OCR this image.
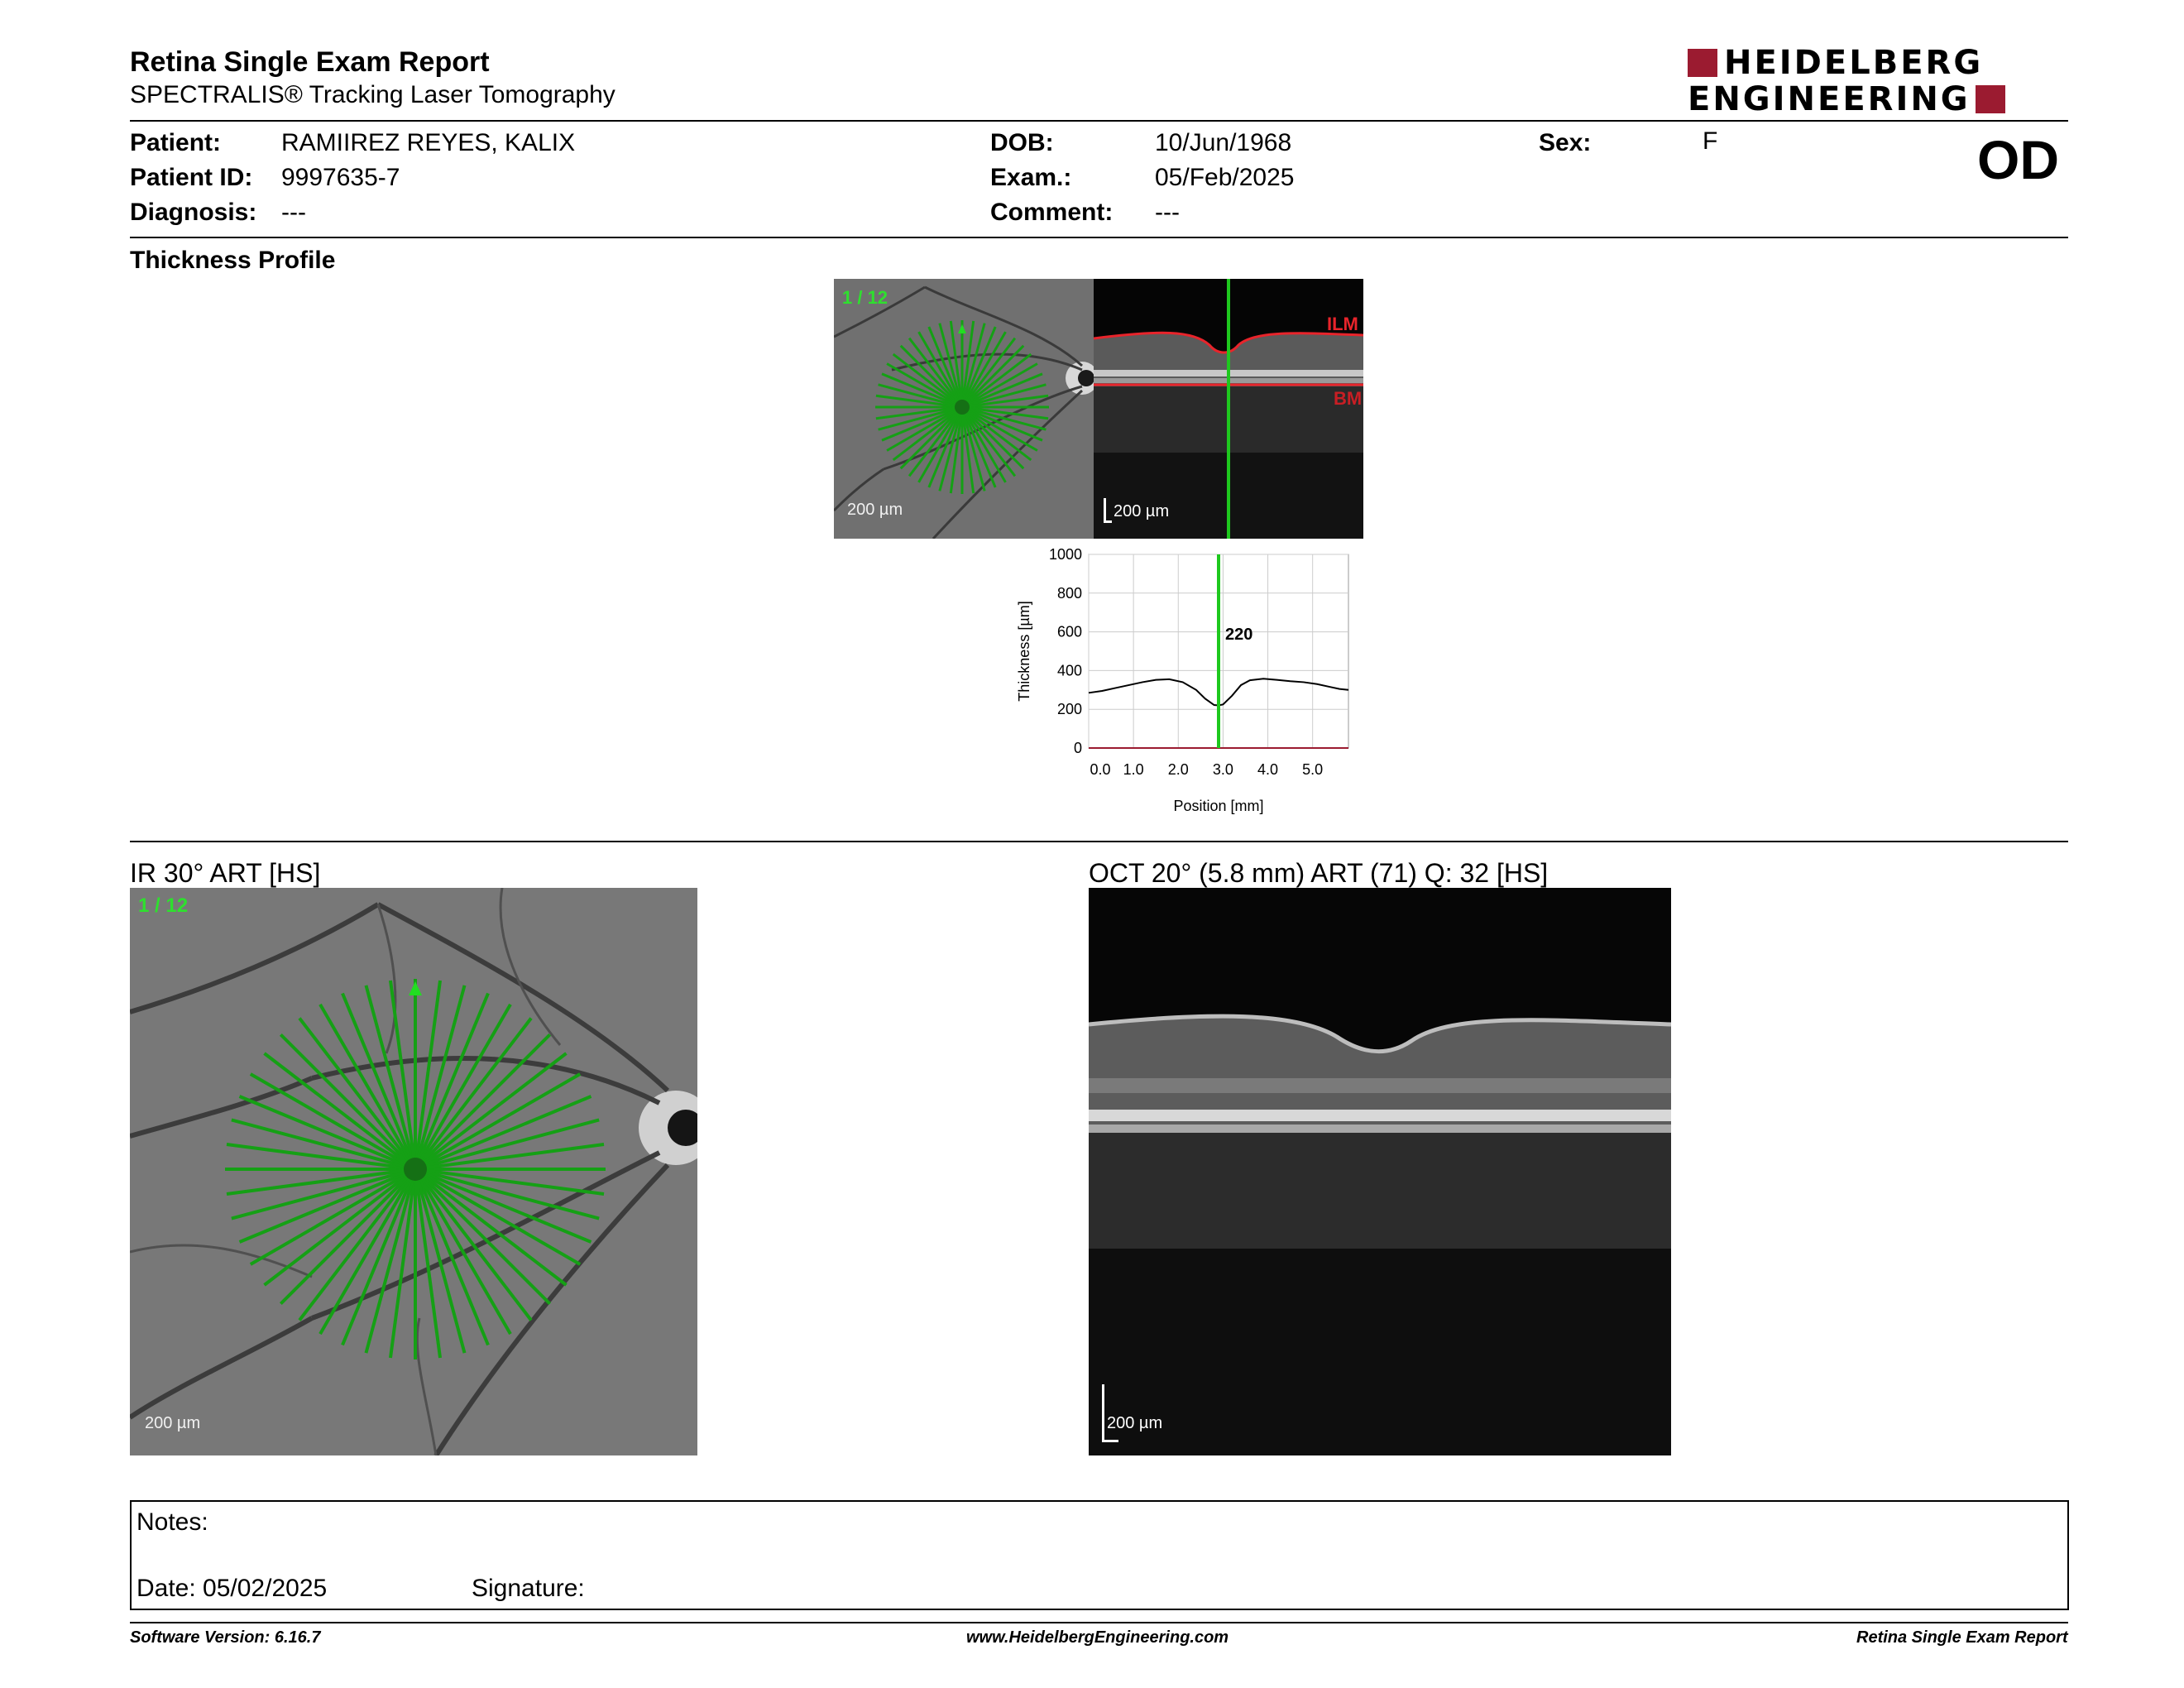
Retina Single Exam Report
SPECTRALIS® Tracking Laser Tomography
HEIDELBERG
ENGINEERING
Patient: RAMIIREZ REYES, KALIX
Patient ID: 9997635-7
Diagnosis: ---
DOB:	10/Jun/1968
Exam.:	05/Feb/2025
Comment: ---
Sex:	F	OD
Thickness Profile
1 / 12
200 µm
ILM
BM
200 µm
0
200
400
600
800
1000
0.0 1.0 2.0 3.0 4.0 5.0
220
Position [mm]
Thickness [µm]
IR 30° ART [HS]	OCT 20° (5.8 mm) ART (71) Q: 32 [HS]
1 / 12
200 µm	200 µm
Notes:
Date: 05/02/2025	Signature:
Software Version: 6.16.7	www.HeidelbergEngineering.com	Retina Single Exam Report
